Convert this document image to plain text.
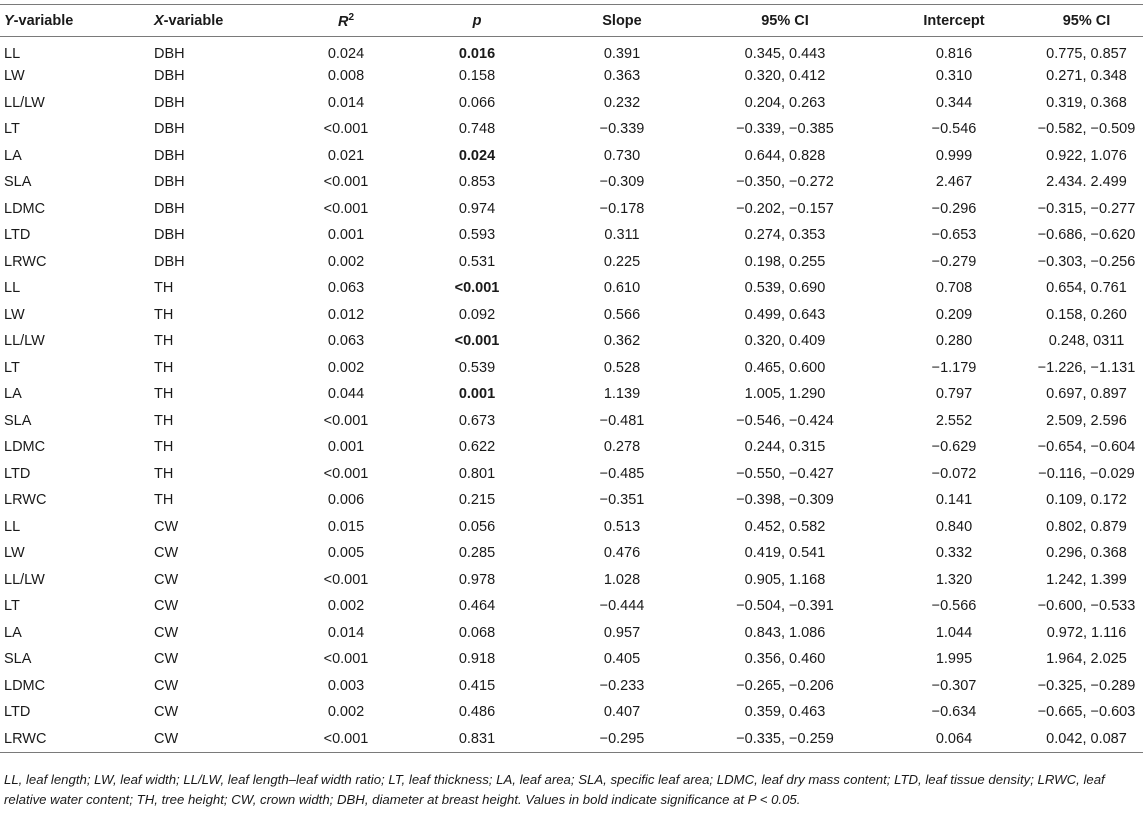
Y-variable	X-variable	$R^2$	p	Slope	95% CI	Intercept	95% CI
LL	DBH	0.024	0.016	0.391	0.345, 0.443	0.816	0.775, 0.857
LW	DBH	0.008	0.158	0.363	0.320, 0.412	0.310	0.271, 0.348
LL/LW	DBH	0.014	0.066	0.232	0.204, 0.263	0.344	0.319, 0.368
LT	DBH	<0.001	0.748	−0.339	−0.339, −0.385	−0.546	−0.582, −0.509
LA	DBH	0.021	0.024	0.730	0.644, 0.828	0.999	0.922, 1.076
SLA	DBH	<0.001	0.853	−0.309	−0.350, −0.272	2.467	2.434. 2.499
LDMC	DBH	<0.001	0.974	−0.178	−0.202, −0.157	−0.296	−0.315, −0.277
LTD	DBH	0.001	0.593	0.311	0.274, 0.353	−0.653	−0.686, −0.620
LRWC	DBH	0.002	0.531	0.225	0.198, 0.255	−0.279	−0.303, −0.256
LL	TH	0.063	<0.001	0.610	0.539, 0.690	0.708	0.654, 0.761
LW	TH	0.012	0.092	0.566	0.499, 0.643	0.209	0.158, 0.260
LL/LW	TH	0.063	<0.001	0.362	0.320, 0.409	0.280	0.248, 0311
LT	TH	0.002	0.539	0.528	0.465, 0.600	−1.179	−1.226, −1.131
LA	TH	0.044	0.001	1.139	1.005, 1.290	0.797	0.697, 0.897
SLA	TH	<0.001	0.673	−0.481	−0.546, −0.424	2.552	2.509, 2.596
LDMC	TH	0.001	0.622	0.278	0.244, 0.315	−0.629	−0.654, −0.604
LTD	TH	<0.001	0.801	−0.485	−0.550, −0.427	−0.072	−0.116, −0.029
LRWC	TH	0.006	0.215	−0.351	−0.398, −0.309	0.141	0.109, 0.172
LL	CW	0.015	0.056	0.513	0.452, 0.582	0.840	0.802, 0.879
LW	CW	0.005	0.285	0.476	0.419, 0.541	0.332	0.296, 0.368
LL/LW	CW	<0.001	0.978	1.028	0.905, 1.168	1.320	1.242, 1.399
LT	CW	0.002	0.464	−0.444	−0.504, −0.391	−0.566	−0.600, −0.533
LA	CW	0.014	0.068	0.957	0.843, 1.086	1.044	0.972, 1.116
SLA	CW	<0.001	0.918	0.405	0.356, 0.460	1.995	1.964, 2.025
LDMC	CW	0.003	0.415	−0.233	−0.265, −0.206	−0.307	−0.325, −0.289
LTD	CW	0.002	0.486	0.407	0.359, 0.463	−0.634	−0.665, −0.603
LRWC	CW	<0.001	0.831	−0.295	−0.335, −0.259	0.064	0.042, 0.087
LL, leaf length; LW, leaf width; LL/LW, leaf length–leaf width ratio; LT, leaf thickness; LA, leaf area; SLA, specific leaf area; LDMC, leaf dry mass content; LTD, leaf tissue density; LRWC, leaf relative water content; TH, tree height; CW, crown width; DBH, diameter at breast height. Values in bold indicate significance at P < 0.05.
